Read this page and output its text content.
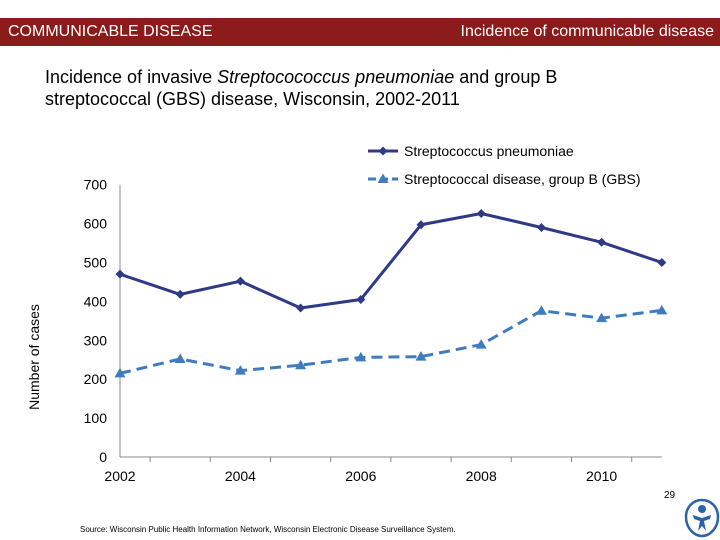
COMMUNICABLE DISEASE	Incidence of communicable disease
Incidence of invasive Streptocococcus pneumoniae and group B streptococcal (GBS) disease, Wisconsin, 2002-2011
0
100
200
300
400
500
600
700
2002	2004	2006	2008	2010
Number of cases
Streptococcus pneumoniae
Streptococcal disease, group B (GBS)
Source: Wisconsin Public Health Information Network, Wisconsin Electronic Disease Surveillance System.
29
